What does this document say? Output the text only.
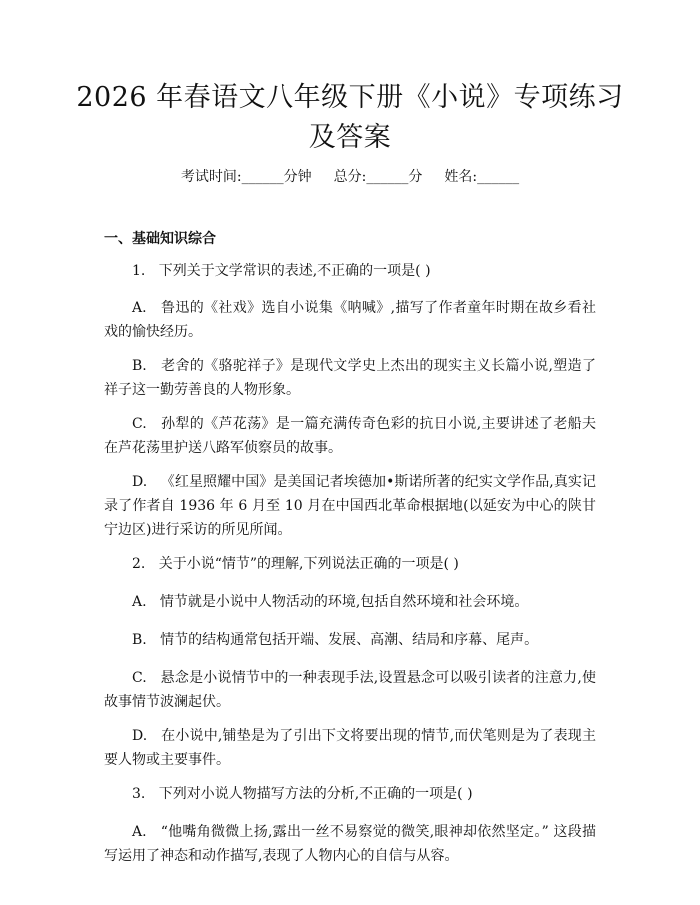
2026 年春语文八年级下册《小说》专项练习
及答案
考试时间:______分钟 总分:______分 姓名:______
一、基础知识综合
1. 下列关于文学常识的表述,不正确的一项是( )
A. 鲁迅的《社戏》选自小说集《呐喊》,描写了作者童年时期在故乡看社戏的愉快经历。
B. 老舍的《骆驼祥子》是现代文学史上杰出的现实主义长篇小说,塑造了祥子这一勤劳善良的人物形象。
C. 孙犁的《芦花荡》是一篇充满传奇色彩的抗日小说,主要讲述了老船夫在芦花荡里护送八路军侦察员的故事。
D. 《红星照耀中国》是美国记者埃德加•斯诺所著的纪实文学作品,真实记录了作者自 1936 年 6 月至 10 月在中国西北革命根据地(以延安为中心的陕甘宁边区)进行采访的所见所闻。
2. 关于小说“情节”的理解,下列说法正确的一项是( )
A. 情节就是小说中人物活动的环境,包括自然环境和社会环境。
B. 情节的结构通常包括开端、发展、高潮、结局和序幕、尾声。
C. 悬念是小说情节中的一种表现手法,设置悬念可以吸引读者的注意力,使故事情节波澜起伏。
D. 在小说中,铺垫是为了引出下文将要出现的情节,而伏笔则是为了表现主要人物或主要事件。
3. 下列对小说人物描写方法的分析,不正确的一项是( )
A. “他嘴角微微上扬,露出一丝不易察觉的微笑,眼神却依然坚定。” 这段描写运用了神态和动作描写,表现了人物内心的自信与从容。
